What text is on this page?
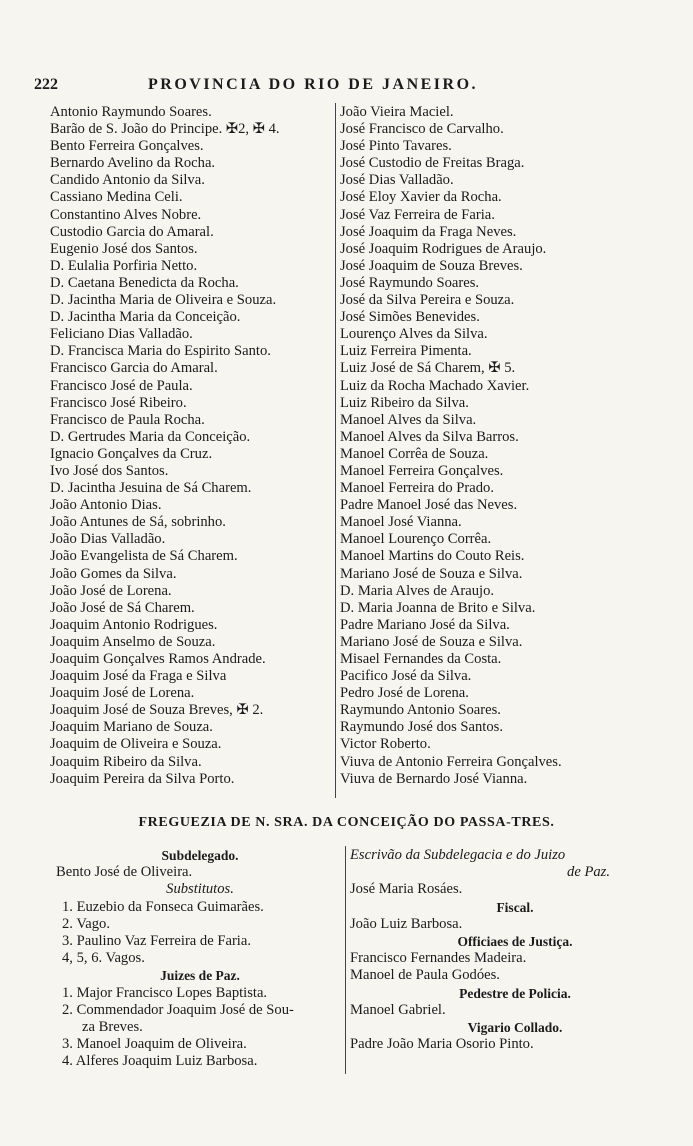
222	PROVINCIA DO RIO DE JANEIRO.
Antonio Raymundo Soares.
Barão de S. João do Principe. ✠2, ✠ 4.
Bento Ferreira Gonçalves.
Bernardo Avelino da Rocha.
Candido Antonio da Silva.
Cassiano Medina Celi.
Constantino Alves Nobre.
Custodio Garcia do Amaral.
Eugenio José dos Santos.
D. Eulalia Porfiria Netto.
D. Caetana Benedicta da Rocha.
D. Jacintha Maria de Oliveira e Souza.
D. Jacintha Maria da Conceição.
Feliciano Dias Valladão.
D. Francisca Maria do Espirito Santo.
Francisco Garcia do Amaral.
Francisco José de Paula.
Francisco José Ribeiro.
Francisco de Paula Rocha.
D. Gertrudes Maria da Conceição.
Ignacio Gonçalves da Cruz.
Ivo José dos Santos.
D. Jacintha Jesuina de Sá Charem.
João Antonio Dias.
João Antunes de Sá, sobrinho.
João Dias Valladão.
João Evangelista de Sá Charem.
João Gomes da Silva.
João José de Lorena.
João José de Sá Charem.
Joaquim Antonio Rodrigues.
Joaquim Anselmo de Souza.
Joaquim Gonçalves Ramos Andrade.
Joaquim José da Fraga e Silva
Joaquim José de Lorena.
Joaquim José de Souza Breves, ✠ 2.
Joaquim Mariano de Souza.
Joaquim de Oliveira e Souza.
Joaquim Ribeiro da Silva.
Joaquim Pereira da Silva Porto.
João Vieira Maciel.
José Francisco de Carvalho.
José Pinto Tavares.
José Custodio de Freitas Braga.
José Dias Valladão.
José Eloy Xavier da Rocha.
José Vaz Ferreira de Faria.
José Joaquim da Fraga Neves.
José Joaquim Rodrigues de Araujo.
José Joaquim de Souza Breves.
José Raymundo Soares.
José da Silva Pereira e Souza.
José Simões Benevides.
Lourenço Alves da Silva.
Luiz Ferreira Pimenta.
Luiz José de Sá Charem, ✠ 5.
Luiz da Rocha Machado Xavier.
Luiz Ribeiro da Silva.
Manoel Alves da Silva.
Manoel Alves da Silva Barros.
Manoel Corrêa de Souza.
Manoel Ferreira Gonçalves.
Manoel Ferreira do Prado.
Padre Manoel José das Neves.
Manoel José Vianna.
Manoel Lourenço Corrêa.
Manoel Martins do Couto Reis.
Mariano José de Souza e Silva.
D. Maria Alves de Araujo.
D. Maria Joanna de Brito e Silva.
Padre Mariano José da Silva.
Mariano José de Souza e Silva.
Misael Fernandes da Costa.
Pacifico José da Silva.
Pedro José de Lorena.
Raymundo Antonio Soares.
Raymundo José dos Santos.
Victor Roberto.
Viuva de Antonio Ferreira Gonçalves.
Viuva de Bernardo José Vianna.
FREGUEZIA DE N. SRA. DA CONCEIÇÃO DO PASSA-TRES.
Subdelegado.
Bento José de Oliveira.
Substitutos.
1. Euzebio da Fonseca Guimarães.
2. Vago.
3. Paulino Vaz Ferreira de Faria.
4, 5, 6. Vagos.
Juizes de Paz.
1. Major Francisco Lopes Baptista.
2. Commendador Joaquim José de Sou-
za Breves.
3. Manoel Joaquim de Oliveira.
4. Alferes Joaquim Luiz Barbosa.
Escrivão da Subdelegacia e do Juizo
de Paz.
José Maria Rosáes.
Fiscal.
João Luiz Barbosa.
Officiaes de Justiça.
Francisco Fernandes Madeira.
Manoel de Paula Godóes.
Pedestre de Policia.
Manoel Gabriel.
Vigario Collado.
Padre João Maria Osorio Pinto.
